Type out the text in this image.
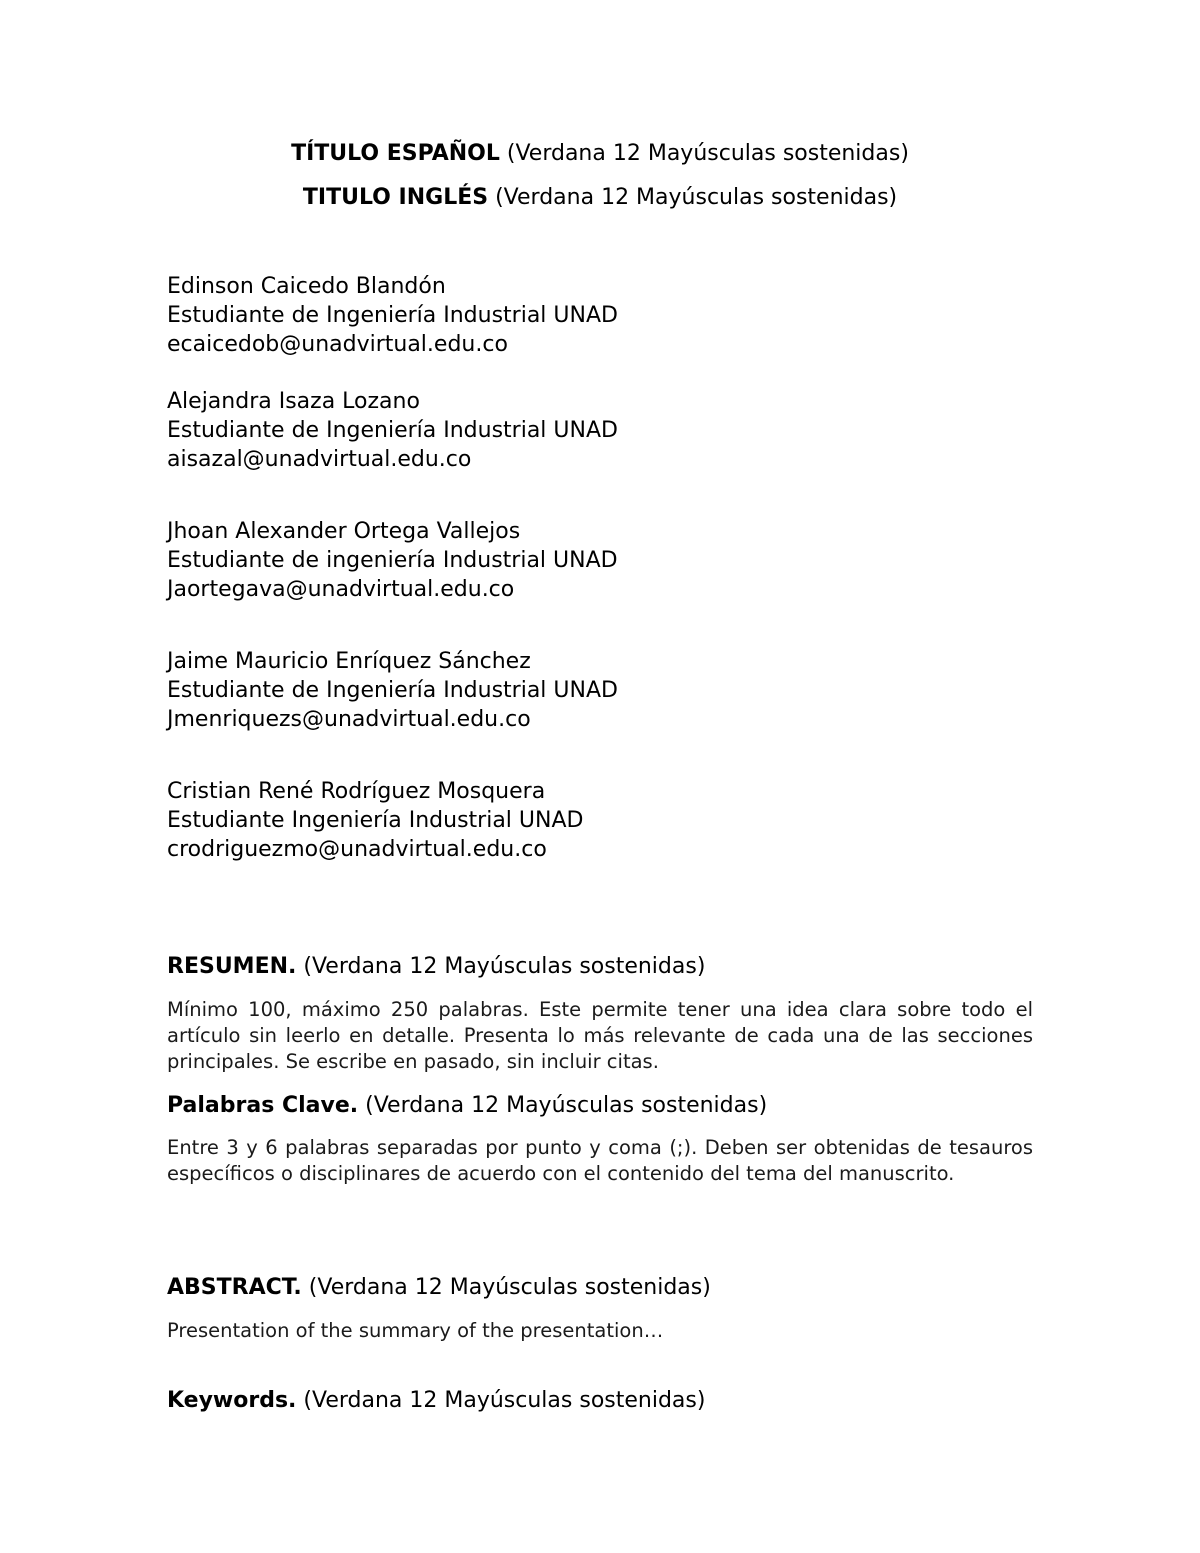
TÍTULO ESPAÑOL (Verdana 12 Mayúsculas sostenidas)
TITULO INGLÉS (Verdana 12 Mayúsculas sostenidas)
Edinson Caicedo Blandón
Estudiante de Ingeniería Industrial UNAD
ecaicedob@unadvirtual.edu.co
Alejandra Isaza Lozano
Estudiante de Ingeniería Industrial UNAD
aisazal@unadvirtual.edu.co
Jhoan Alexander Ortega Vallejos
Estudiante de ingeniería Industrial UNAD
Jaortegava@unadvirtual.edu.co
Jaime Mauricio Enríquez Sánchez
Estudiante de Ingeniería Industrial UNAD
Jmenriquezs@unadvirtual.edu.co
Cristian René Rodríguez Mosquera
Estudiante Ingeniería Industrial UNAD
crodriguezmo@unadvirtual.edu.co
RESUMEN. (Verdana 12 Mayúsculas sostenidas)
Mínimo 100, máximo 250 palabras. Este permite tener una idea clara sobre todo el artículo sin leerlo en detalle. Presenta lo más relevante de cada una de las secciones principales. Se escribe en pasado, sin incluir citas.
Palabras Clave. (Verdana 12 Mayúsculas sostenidas)
Entre 3 y 6 palabras separadas por punto y coma (;). Deben ser obtenidas de tesauros específicos o disciplinares de acuerdo con el contenido del tema del manuscrito.
ABSTRACT. (Verdana 12 Mayúsculas sostenidas)
Presentation of the summary of the presentation…
Keywords. (Verdana 12 Mayúsculas sostenidas)
